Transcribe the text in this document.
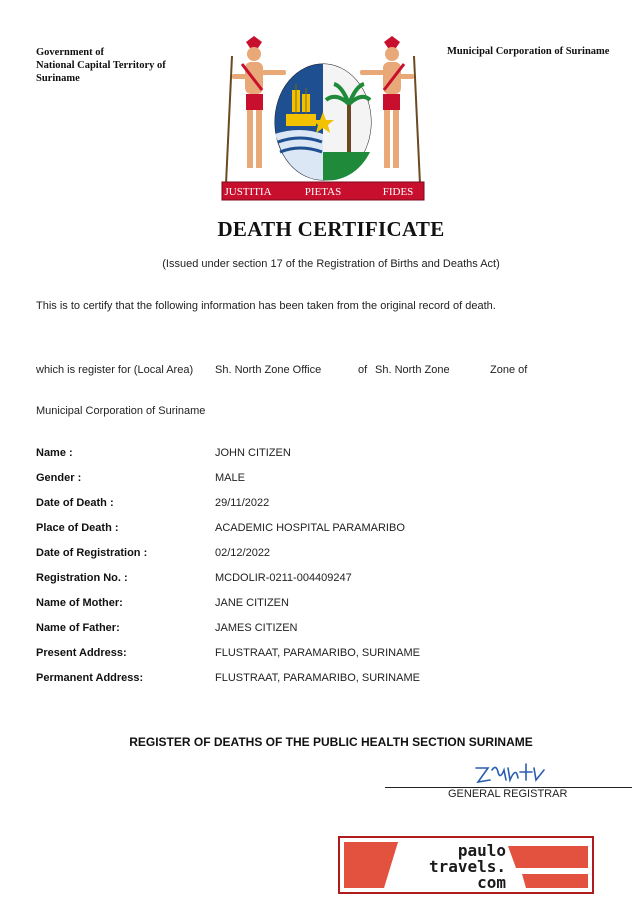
Government of
National Capital Territory of
Suriname
Municipal Corporation of Suriname
JUSTITIA	PIETAS	FIDES
DEATH CERTIFICATE
(Issued under section 17 of the Registration of Births and Deaths Act)
This is to certify that the following information has been taken from the original record of death.
which is register for (Local Area) Sh. North Zone Office	of Sh. North Zone	Zone of
Municipal Corporation of Suriname
Name :	JOHN CITIZEN
Gender :	MALE
Date of Death :	29/11/2022
Place of Death :	ACADEMIC HOSPITAL PARAMARIBO
Date of Registration :	02/12/2022
Registration No. :	MCDOLIR-0211-004409247
Name of Mother:	JANE CITIZEN
Name of Father:	JAMES CITIZEN
Present Address:	FLUSTRAAT, PARAMARIBO, SURINAME
Permanent Address:	FLUSTRAAT, PARAMARIBO, SURINAME
REGISTER OF DEATHS OF THE PUBLIC HEALTH SECTION SURINAME
GENERAL REGISTRAR
paulo
travels.
com
